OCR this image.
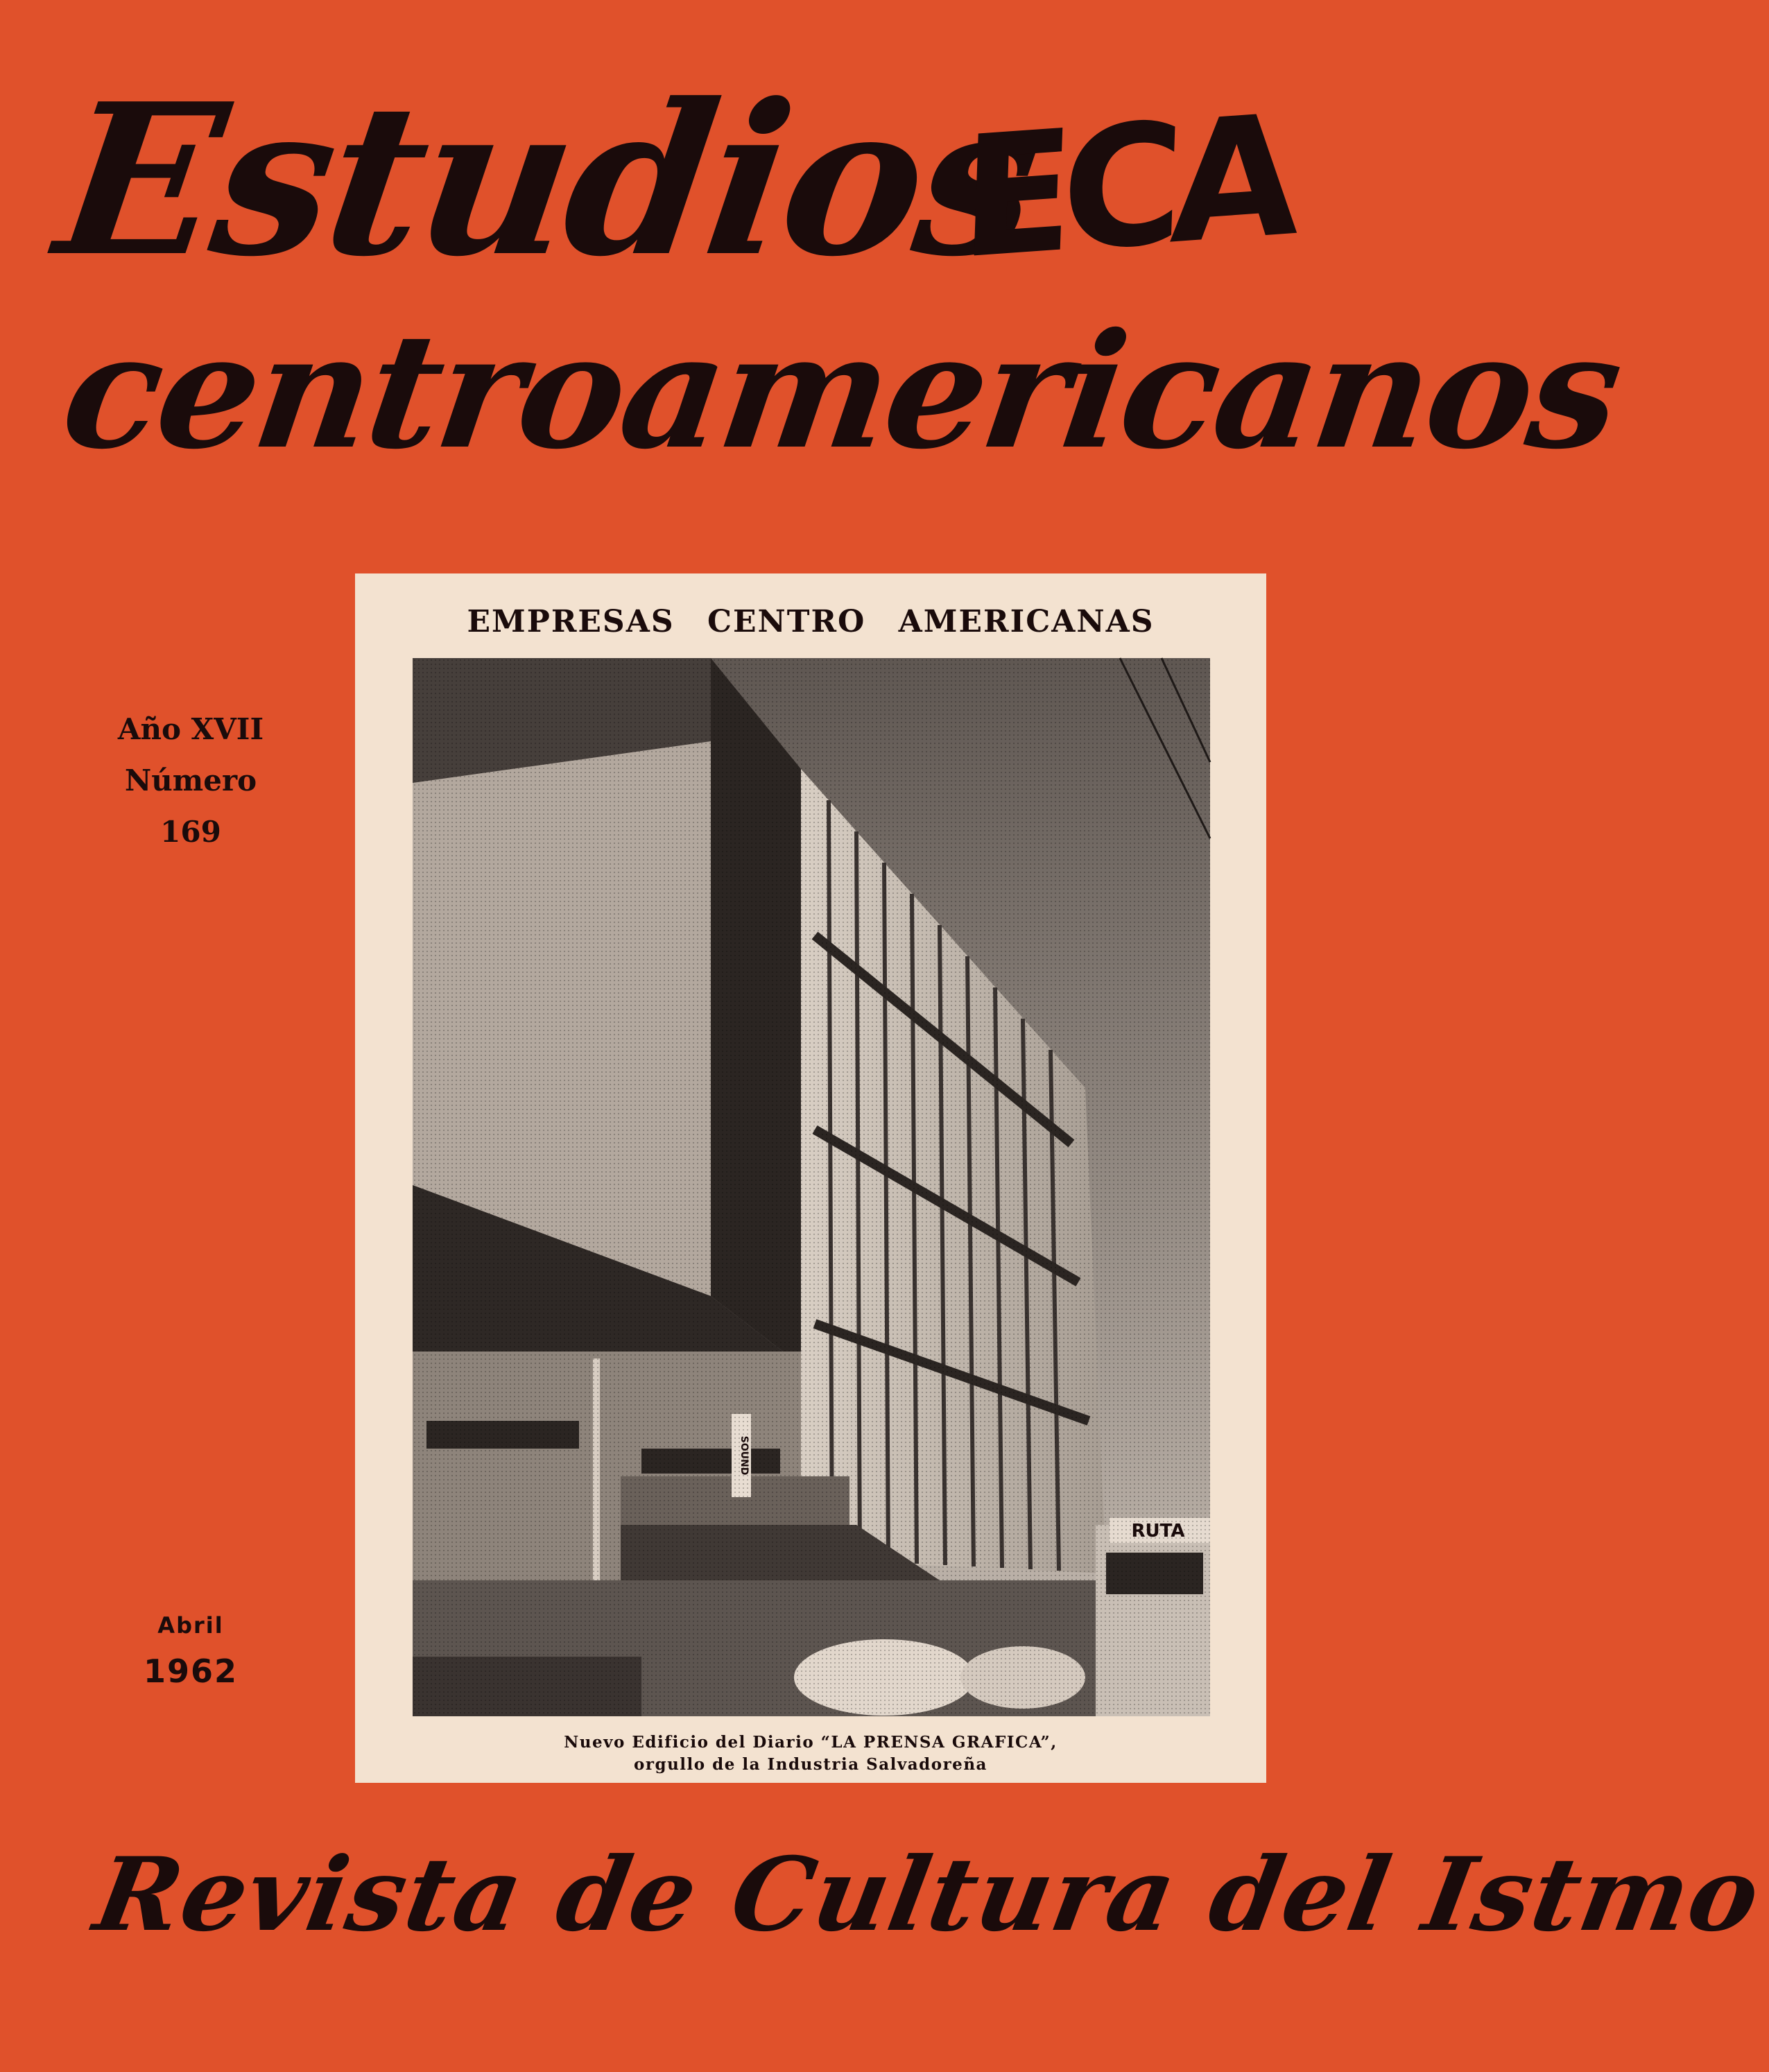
Estudios
ECA
centroamericanos
Año XVII
Número
169
Abril
1962
EMPRESAS CENTRO AMERICANAS
Nuevo Edificio del Diario “LA PRENSA GRAFICA”,
orgullo de la Industria Salvadoreña
Revista de Cultura del Istmo
